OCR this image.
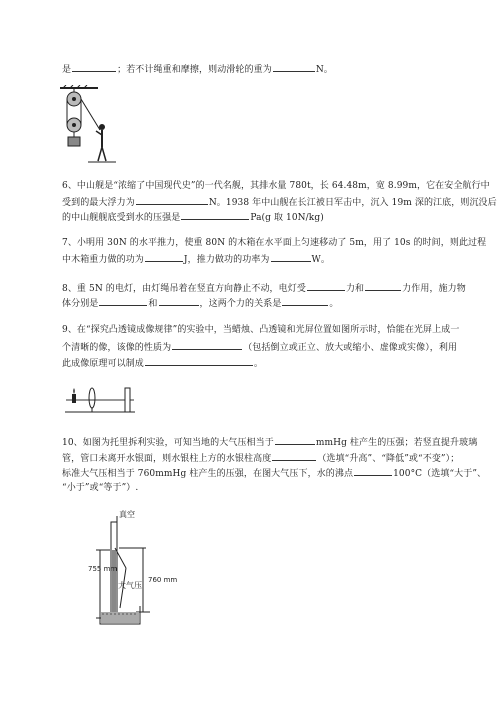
是	；若不计绳重和摩擦，则动滑轮的重为	N。
6、中山舰是“浓缩了中国现代史”的一代名舰，其排水量 780t，长 64.48m，宽 8.99m，它在安全航行中
受到的最大浮力为	N。1938 年中山舰在长江被日军击中，沉入 19m 深的江底，则沉没后
的中山舰舰底受到水的压强是	Pa(g 取 10N/kg)
7、小明用 30N 的水平推力，使重 80N 的木箱在水平面上匀速移动了 5m，用了 10s 的时间，则此过程
中木箱重力做的功为	J，推力做功的功率为	W。
8、重 5N 的电灯，由灯绳吊着在竖直方向静止不动，电灯受	力和	力作用，施力物
体分别是	和	，这两个力的关系是	。
9、在“探究凸透镜成像规律”的实验中，当蜡烛、凸透镜和光屏位置如图所示时，恰能在光屏上成一
个清晰的像，该像的性质为	（包括倒立或正立、放大或缩小、虚像或实像），利用
此成像原理可以制成	。
10、如图为托里拆利实验，可知当地的大气压相当于	mmHg 柱产生的压强；若竖直提升玻璃
管，管口未离开水银面，则水银柱上方的水银柱高度	（选填“升高”、“降低”或“不变”）；
标准大气压相当于 760mmHg 柱产生的压强，在图大气压下，水的沸点	100°C（选填“大于”、
“小于”或“等于”）.
真空
755 mm
760 mm
大气压
